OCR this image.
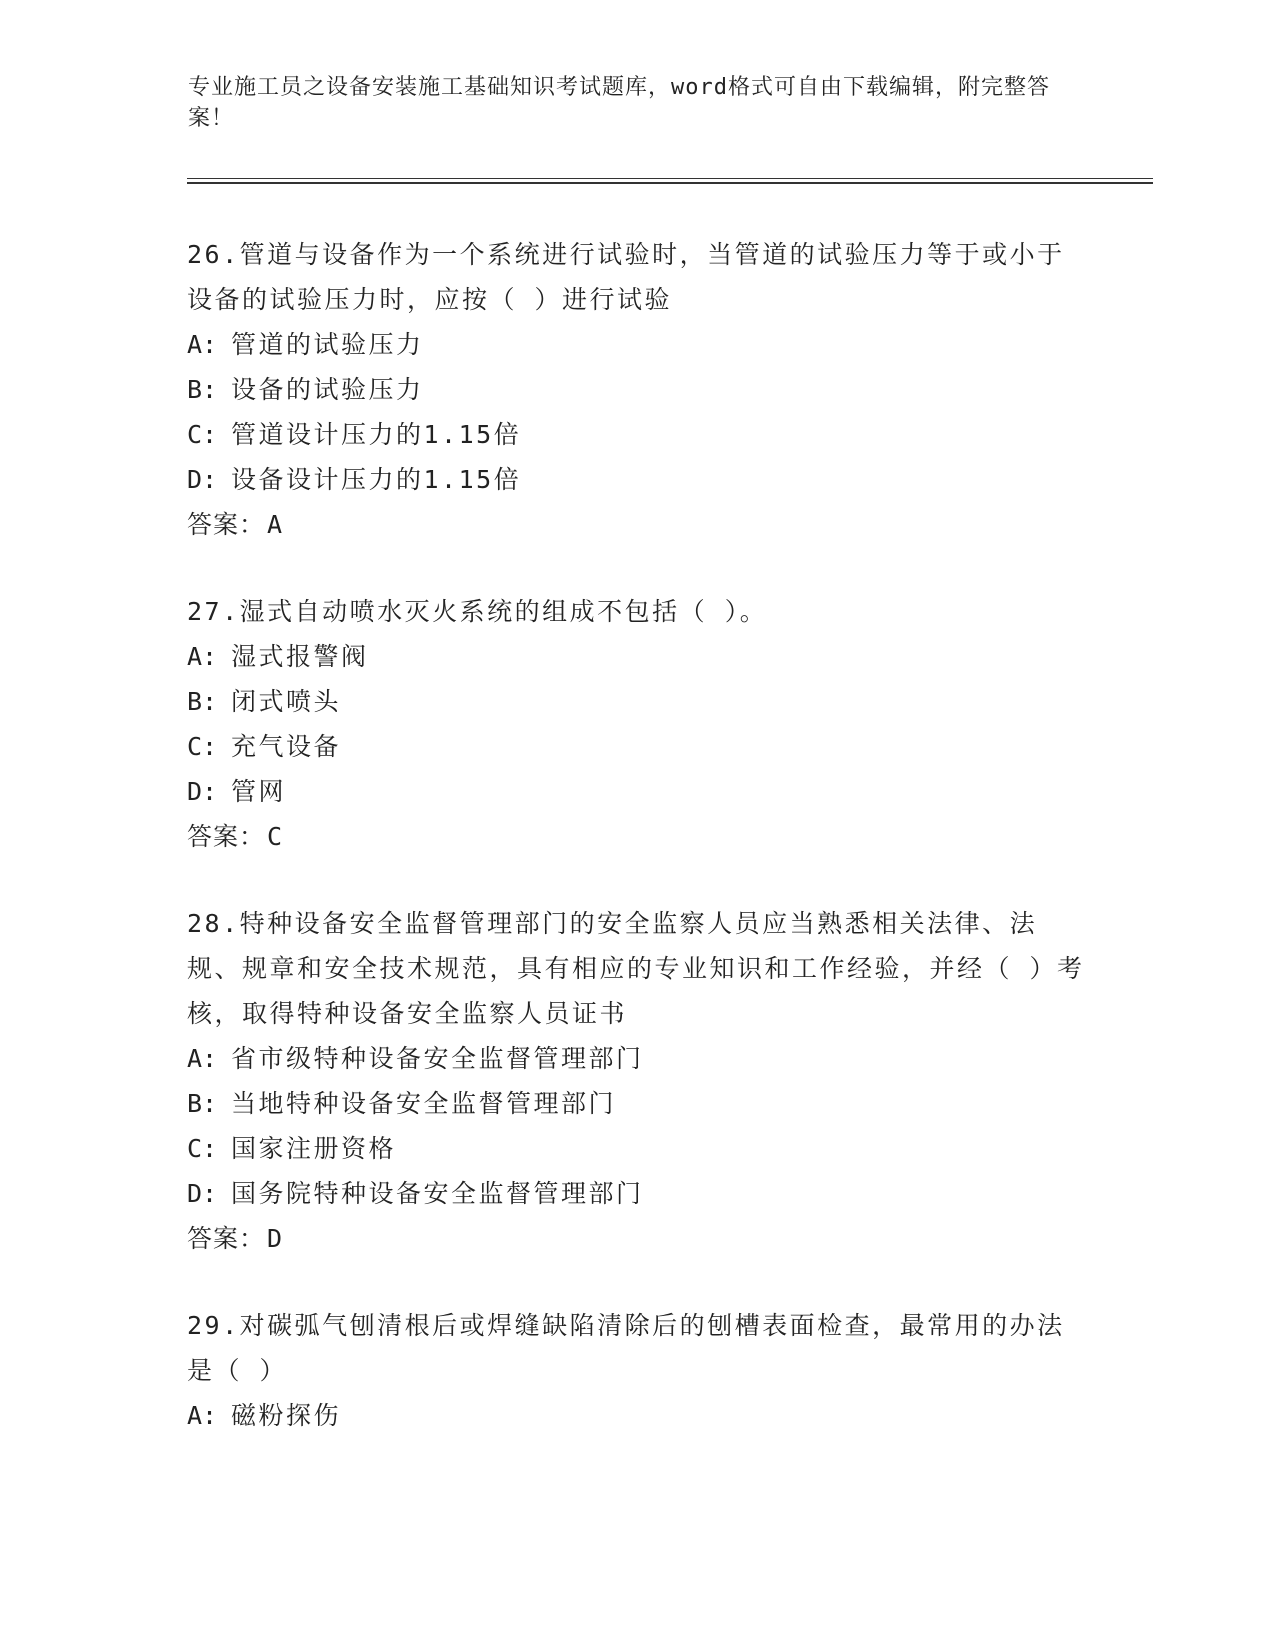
专业施工员之设备安装施工基础知识考试题库，word格式可自由下载编辑，附完整答案！

26.管道与设备作为一个系统进行试验时，当管道的试验压力等于或小于设备的试验压力时，应按（ ）进行试验

A: 管道的试验压力

B: 设备的试验压力

C: 管道设计压力的1.15倍

D: 设备设计压力的1.15倍

答案：A

27.湿式自动喷水灭火系统的组成不包括（ ）。

A: 湿式报警阀

B: 闭式喷头

C: 充气设备

D: 管网

答案：C

28.特种设备安全监督管理部门的安全监察人员应当熟悉相关法律、法规、规章和安全技术规范，具有相应的专业知识和工作经验，并经（ ）考核，取得特种设备安全监察人员证书

A: 省市级特种设备安全监督管理部门

B: 当地特种设备安全监督管理部门

C: 国家注册资格

D: 国务院特种设备安全监督管理部门

答案：D

29.对碳弧气刨清根后或焊缝缺陷清除后的刨槽表面检查，最常用的办法是（ ）

A: 磁粉探伤
